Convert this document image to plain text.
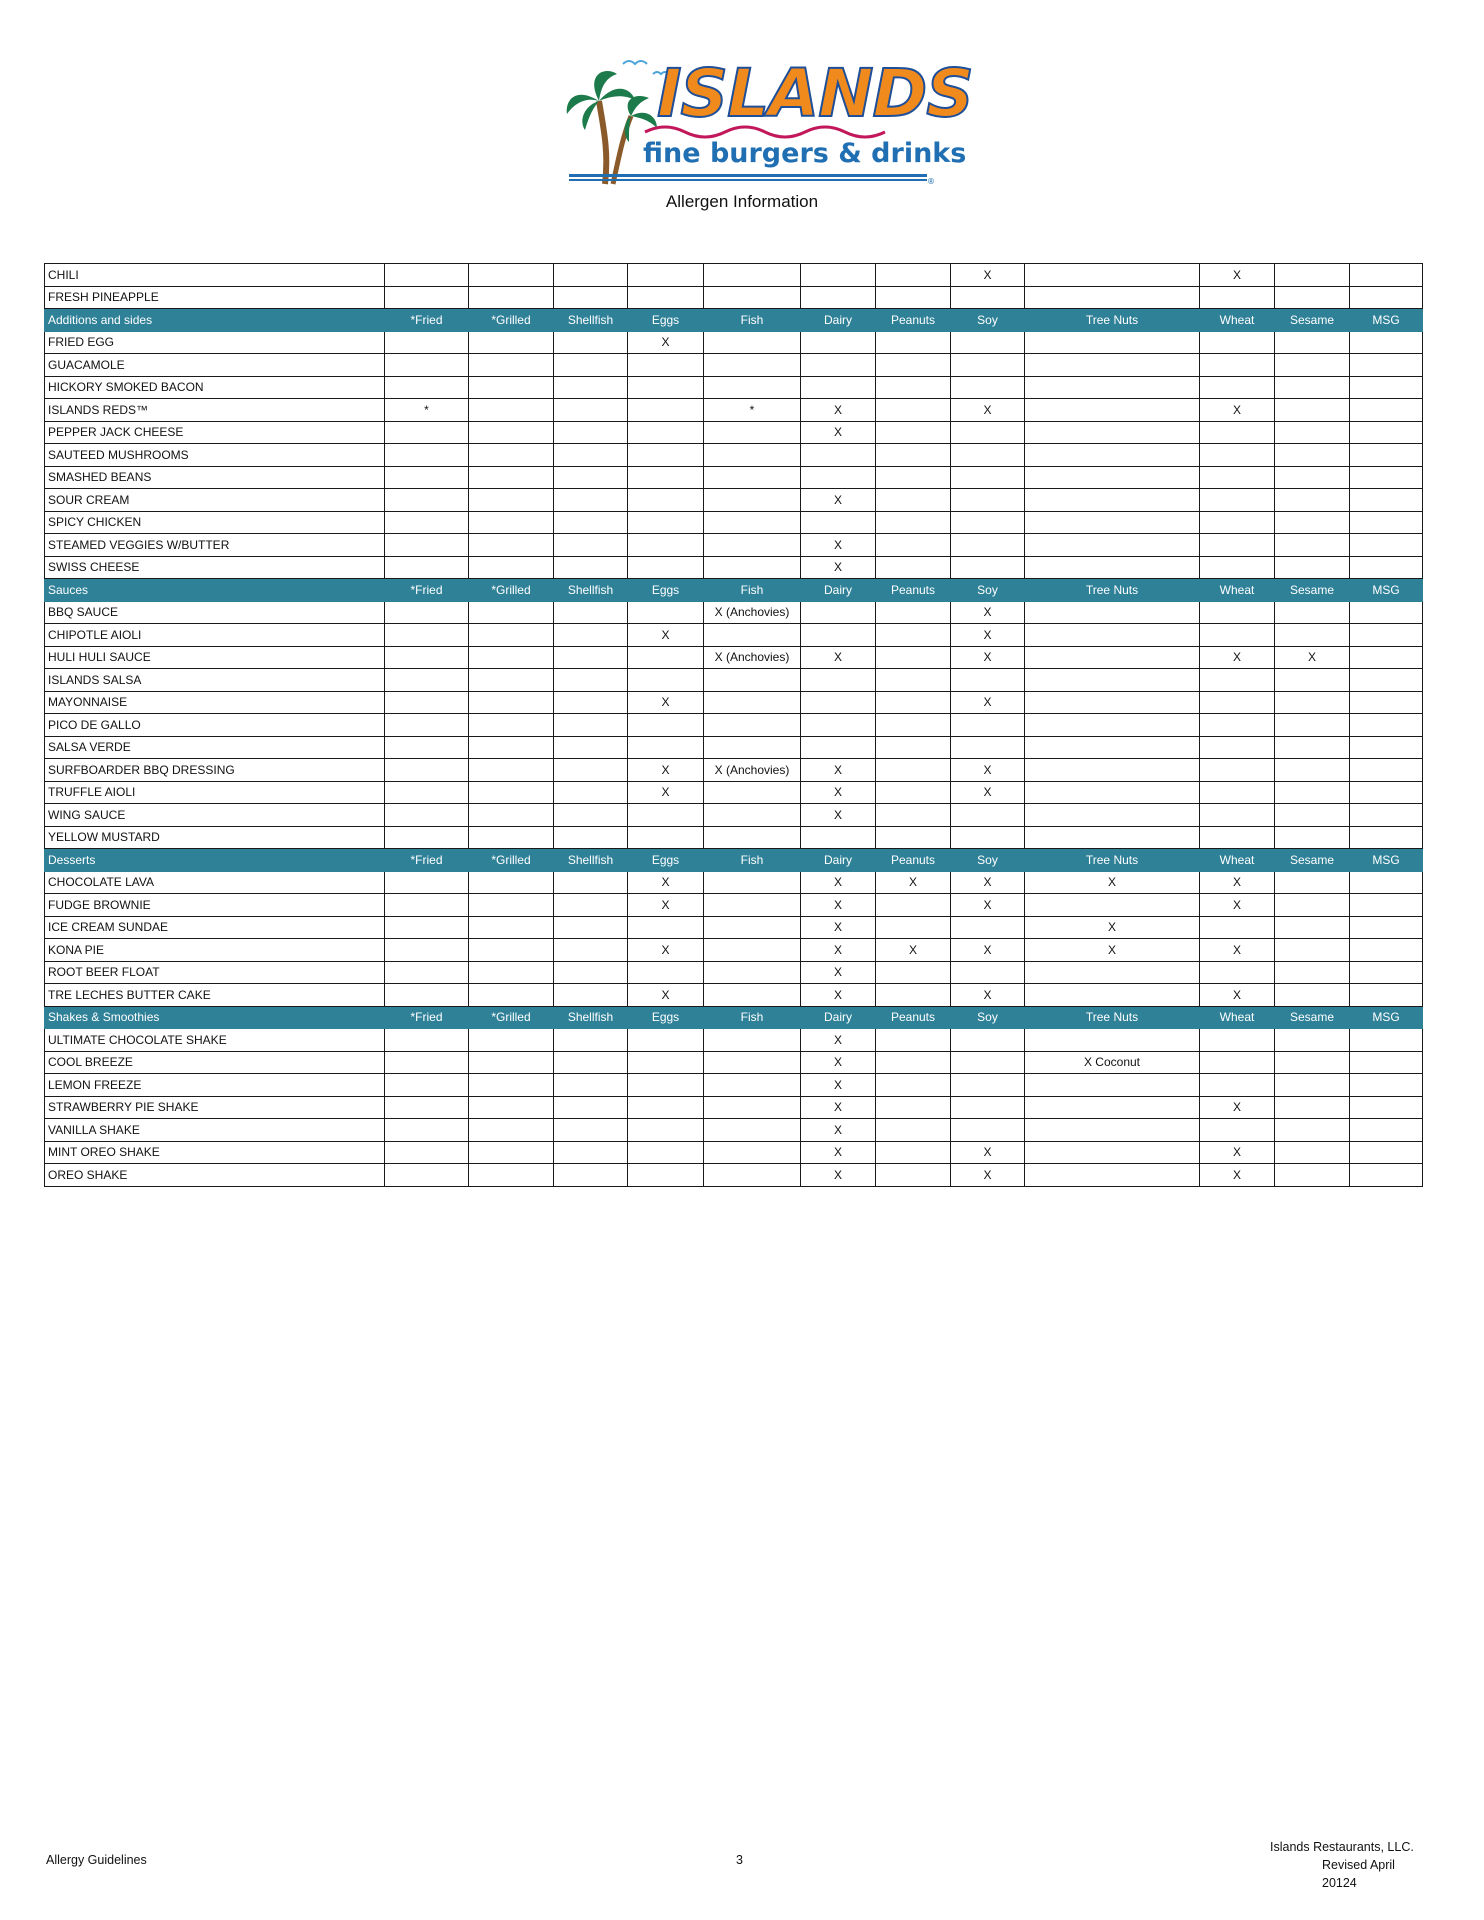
®
ISLANDS
fine burgers & drinks
Allergen Information
CHILI								X		X		
FRESH PINEAPPLE												
Additions and sides	*Fried	*Grilled	Shellfish	Eggs	Fish	Dairy	Peanuts	Soy	Tree Nuts	Wheat	Sesame	MSG
FRIED EGG				X								
GUACAMOLE												
HICKORY SMOKED BACON												
ISLANDS REDS™	*				*	X		X		X		
PEPPER JACK CHEESE						X						
SAUTEED MUSHROOMS												
SMASHED BEANS												
SOUR CREAM						X						
SPICY CHICKEN												
STEAMED VEGGIES W/BUTTER						X						
SWISS CHEESE						X						
Sauces	*Fried	*Grilled	Shellfish	Eggs	Fish	Dairy	Peanuts	Soy	Tree Nuts	Wheat	Sesame	MSG
BBQ SAUCE					X (Anchovies)			X				
CHIPOTLE AIOLI				X				X				
HULI HULI SAUCE					X (Anchovies)	X		X		X	X	
ISLANDS SALSA												
MAYONNAISE				X				X				
PICO DE GALLO												
SALSA VERDE												
SURFBOARDER BBQ DRESSING				X	X (Anchovies)	X		X				
TRUFFLE AIOLI				X		X		X				
WING SAUCE						X						
YELLOW MUSTARD												
Desserts	*Fried	*Grilled	Shellfish	Eggs	Fish	Dairy	Peanuts	Soy	Tree Nuts	Wheat	Sesame	MSG
CHOCOLATE LAVA				X		X	X	X	X	X		
FUDGE BROWNIE				X		X		X		X		
ICE CREAM SUNDAE						X			X			
KONA PIE				X		X	X	X	X	X		
ROOT BEER FLOAT						X						
TRE LECHES BUTTER CAKE				X		X		X		X		
Shakes & Smoothies	*Fried	*Grilled	Shellfish	Eggs	Fish	Dairy	Peanuts	Soy	Tree Nuts	Wheat	Sesame	MSG
ULTIMATE CHOCOLATE SHAKE						X						
COOL BREEZE						X			X Coconut			
LEMON FREEZE						X						
STRAWBERRY PIE SHAKE						X				X		
VANILLA SHAKE						X						
MINT OREO SHAKE						X		X		X		
OREO SHAKE						X		X		X		
Allergy Guidelines	3
Islands Restaurants, LLC.
Revised April
20124
